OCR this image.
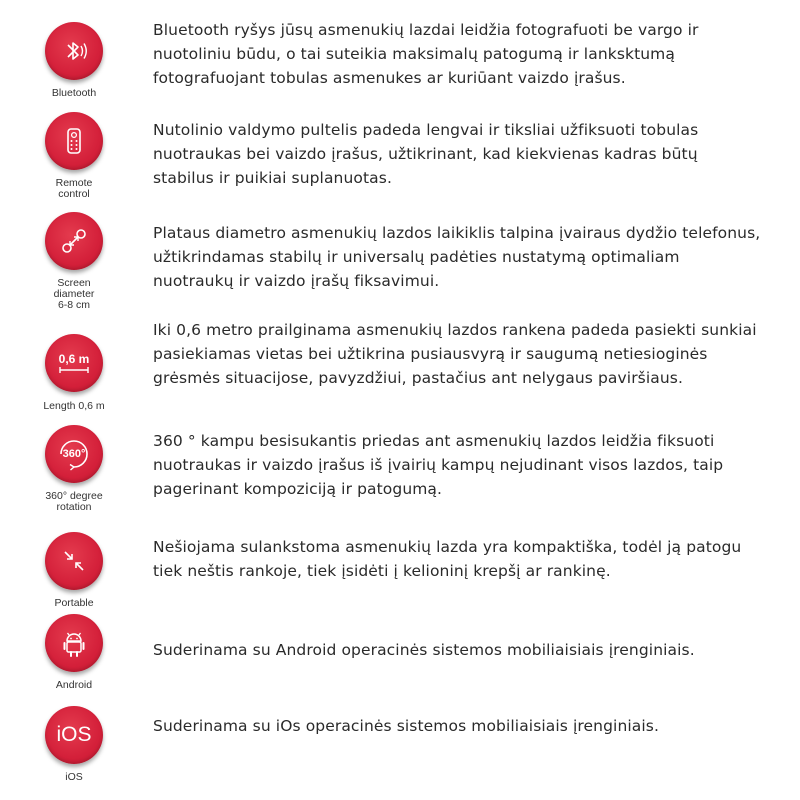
Bluetooth
Bluetooth ryšys jūsų asmenukių lazdai leidžia fotografuoti be vargo ir nuotoliniu būdu, o tai suteikia maksimalų patogumą ir lanksktumą fotografuojant tobulas asmenukes ar kuriūant vaizdo įrašus.
Remote
control
Nutolinio valdymo pultelis padeda lengvai ir tiksliai užfiksuoti tobulas nuotraukas bei vaizdo įrašus, užtikrinant, kad kiekvienas kadras būtų stabilus ir puikiai suplanuotas.
Screen
diameter
6-8 cm
Plataus diametro asmenukių lazdos laikiklis talpina įvairaus dydžio telefonus, užtikrindamas stabilų ir universalų padėties nustatymą optimaliam nuotraukų ir vaizdo įrašų fiksavimui.
0,6 m
Length 0,6 m
Iki 0,6 metro prailginama asmenukių lazdos rankena padeda pasiekti sunkiai pasiekiamas vietas bei užtikrina pusiausvyrą ir saugumą netiesioginės grėsmės situacijose, pavyzdžiui, pastačius ant nelygaus paviršiaus.
360°
360° degree
rotation
360 ° kampu besisukantis priedas ant asmenukių lazdos leidžia fiksuoti nuotraukas ir vaizdo įrašus iš įvairių kampų nejudinant visos lazdos, taip pagerinant kompoziciją ir patogumą.
Portable
Nešiojama sulankstoma asmenukių lazda yra kompaktiška, todėl ją patogu tiek neštis rankoje, tiek įsidėti į kelioninį krepšį ar rankinę.
Android
Suderinama su Android operacinės sistemos mobiliaisiais įrenginiais.
iOS
iOS
Suderinama su iOs operacinės sistemos mobiliaisiais įrenginiais.
